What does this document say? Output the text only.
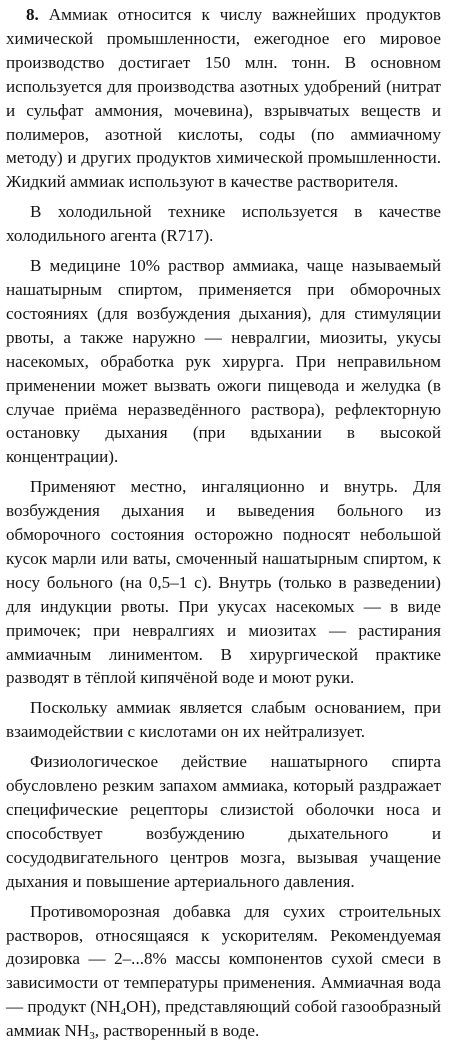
8. Аммиак относится к числу важнейших продуктов химической промышленности, ежегодное его мировое производство достигает 150 млн. тонн. В основном используется для производства азотных удобрений (нитрат и сульфат аммония, мочевина), взрывчатых веществ и полимеров, азотной кислоты, соды (по аммиачному методу) и других продуктов химической промышленности. Жидкий аммиак используют в качестве растворителя.

В холодильной технике используется в качестве холодильного агента (R717).

В медицине 10% раствор аммиака, чаще называемый нашатырным спиртом, применяется при обморочных состояниях (для возбуждения дыхания), для стимуляции рвоты, а также наружно — невралгии, миозиты, укусы насекомых, обработка рук хирурга. При неправильном применении может вызвать ожоги пищевода и желудка (в случае приёма неразведённого раствора), рефлекторную остановку дыхания (при вдыхании в высокой концентрации).

Применяют местно, ингаляционно и внутрь. Для возбуждения дыхания и выведения больного из обморочного состояния осторожно подносят небольшой кусок марли или ваты, смоченный нашатырным спиртом, к носу больного (на 0,5–1 с). Внутрь (только в разведении) для индукции рвоты. При укусах насекомых — в виде примочек; при невралгиях и миозитах — растирания аммиачным линиментом. В хирургической практике разводят в тёплой кипячёной воде и моют руки.

Поскольку аммиак является слабым основанием, при взаимодействии с кислотами он их нейтрализует.

Физиологическое действие нашатырного спирта обусловлено резким запахом аммиака, который раздражает специфические рецепторы слизистой оболочки носа и способствует возбуждению дыхательного и сосудодвигательного центров мозга, вызывая учащение дыхания и повышение артериального давления.

Противоморозная добавка для сухих строительных растворов, относящаяся к ускорителям. Рекомендуемая дозировка — 2–...8% массы компонентов сухой смеси в зависимости от температуры применения. Аммиачная вода — продукт $(NH_4OH)$, представляющий собой газообразный аммиак $NH_3$, растворенный в воде.
